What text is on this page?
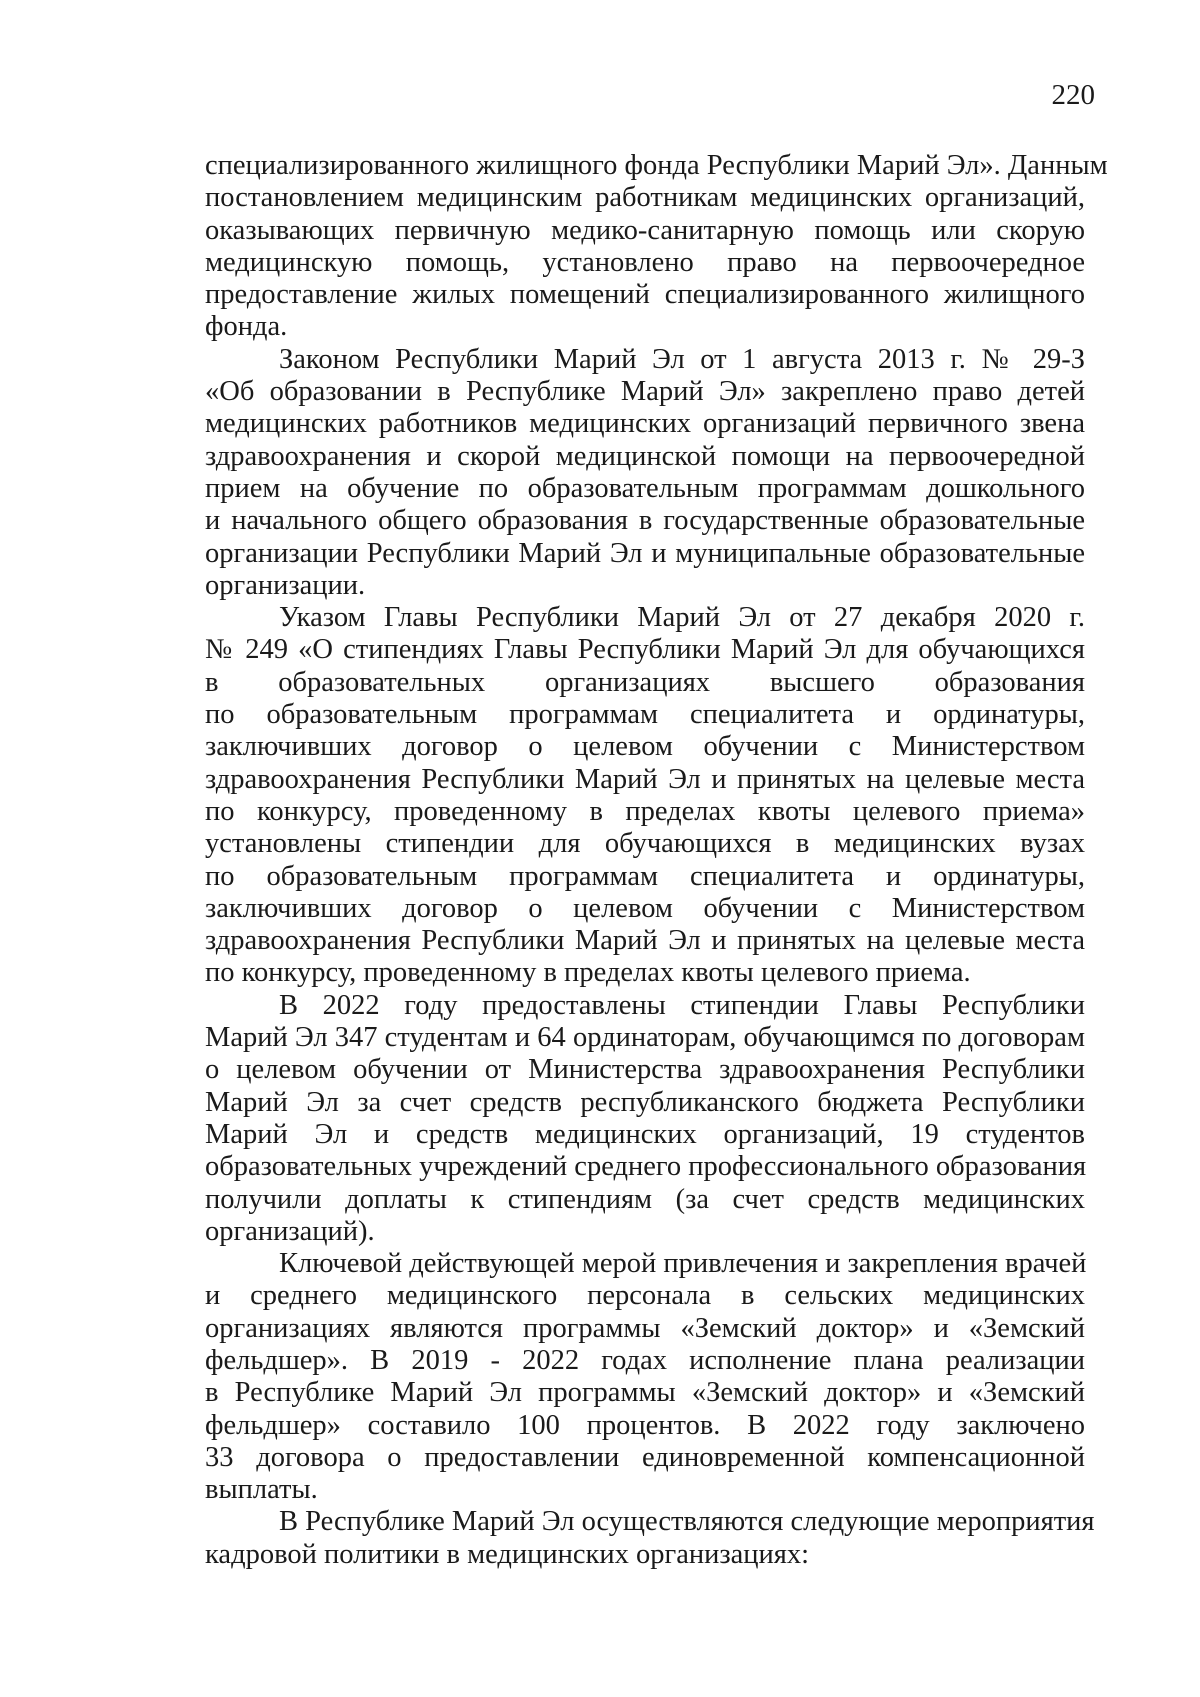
220
специализированного жилищного фонда Республики Марий Эл». Данным
постановлением медицинским работникам медицинских организаций,
оказывающих первичную медико-санитарную помощь или скорую
медицинскую помощь, установлено право на первоочередное
предоставление жилых помещений специализированного жилищного
фонда.
Законом Республики Марий Эл от 1 августа 2013 г. № 29-З
«Об образовании в Республике Марий Эл» закреплено право детей
медицинских работников медицинских организаций первичного звена
здравоохранения и скорой медицинской помощи на первоочередной
прием на обучение по образовательным программам дошкольного
и начального общего образования в государственные образовательные
организации Республики Марий Эл и муниципальные образовательные
организации.
Указом Главы Республики Марий Эл от 27 декабря 2020 г.
№ 249 «О стипендиях Главы Республики Марий Эл для обучающихся
в образовательных организациях высшего образования
по образовательным программам специалитета и ординатуры,
заключивших договор о целевом обучении с Министерством
здравоохранения Республики Марий Эл и принятых на целевые места
по конкурсу, проведенному в пределах квоты целевого приема»
установлены стипендии для обучающихся в медицинских вузах
по образовательным программам специалитета и ординатуры,
заключивших договор о целевом обучении с Министерством
здравоохранения Республики Марий Эл и принятых на целевые места
по конкурсу, проведенному в пределах квоты целевого приема.
В 2022 году предоставлены стипендии Главы Республики
Марий Эл 347 студентам и 64 ординаторам, обучающимся по договорам
о целевом обучении от Министерства здравоохранения Республики
Марий Эл за счет средств республиканского бюджета Республики
Марий Эл и средств медицинских организаций, 19 студентов
образовательных учреждений среднего профессионального образования
получили доплаты к стипендиям (за счет средств медицинских
организаций).
Ключевой действующей мерой привлечения и закрепления врачей
и среднего медицинского персонала в сельских медицинских
организациях являются программы «Земский доктор» и «Земский
фельдшер». В 2019 - 2022 годах исполнение плана реализации
в Республике Марий Эл программы «Земский доктор» и «Земский
фельдшер» составило 100 процентов. В 2022 году заключено
33 договора о предоставлении единовременной компенсационной
выплаты.
В Республике Марий Эл осуществляются следующие мероприятия
кадровой политики в медицинских организациях:
